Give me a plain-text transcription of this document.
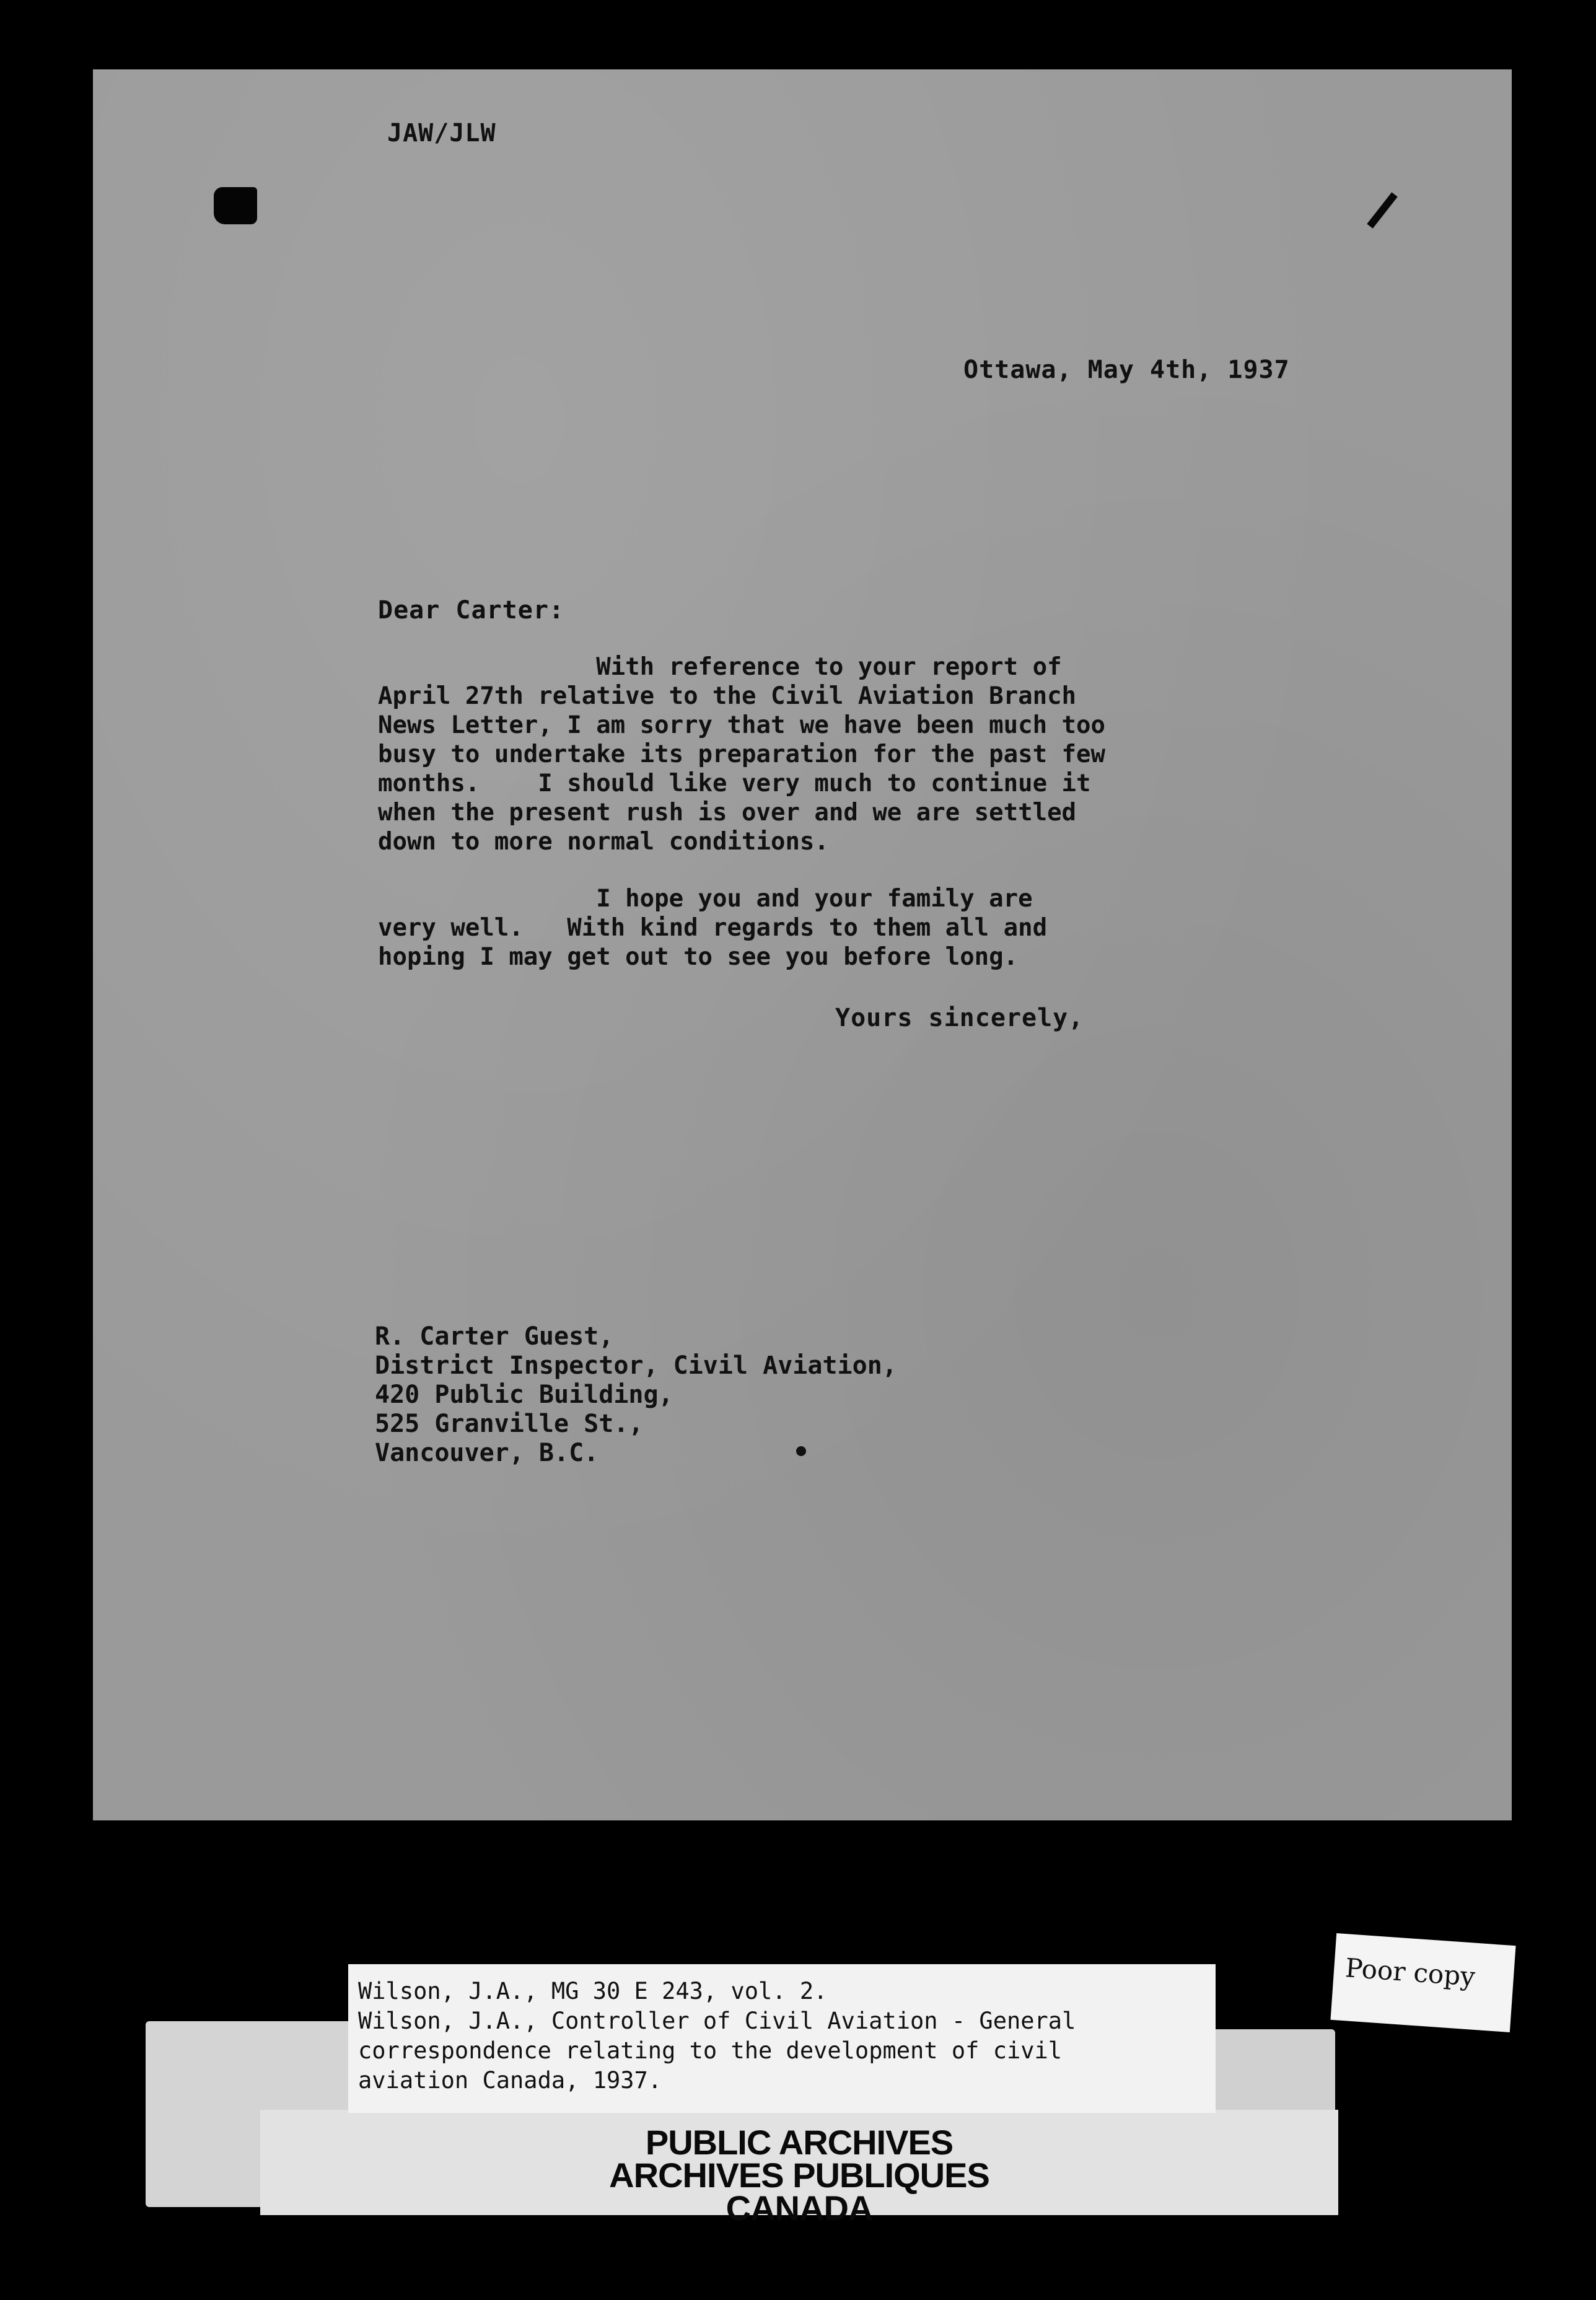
JAW/JLW
Ottawa, May 4th, 1937
Dear Carter:
With reference to your report of
April 27th relative to the Civil Aviation Branch
News Letter, I am sorry that we have been much too
busy to undertake its preparation for the past few
months.    I should like very much to continue it
when the present rush is over and we are settled
down to more normal conditions.
I hope you and your family are
very well.   With kind regards to them all and
hoping I may get out to see you before long.
Yours sincerely,
R. Carter Guest,
District Inspector, Civil Aviation,
420 Public Building,
525 Granville St.,
Vancouver, B.C.
Wilson, J.A., MG 30 E 243, vol. 2.
Wilson, J.A., Controller of Civil Aviation - General
correspondence relating to the development of civil
aviation Canada, 1937.
PUBLIC ARCHIVES
ARCHIVES PUBLIQUES
CANADA
Poor copy
